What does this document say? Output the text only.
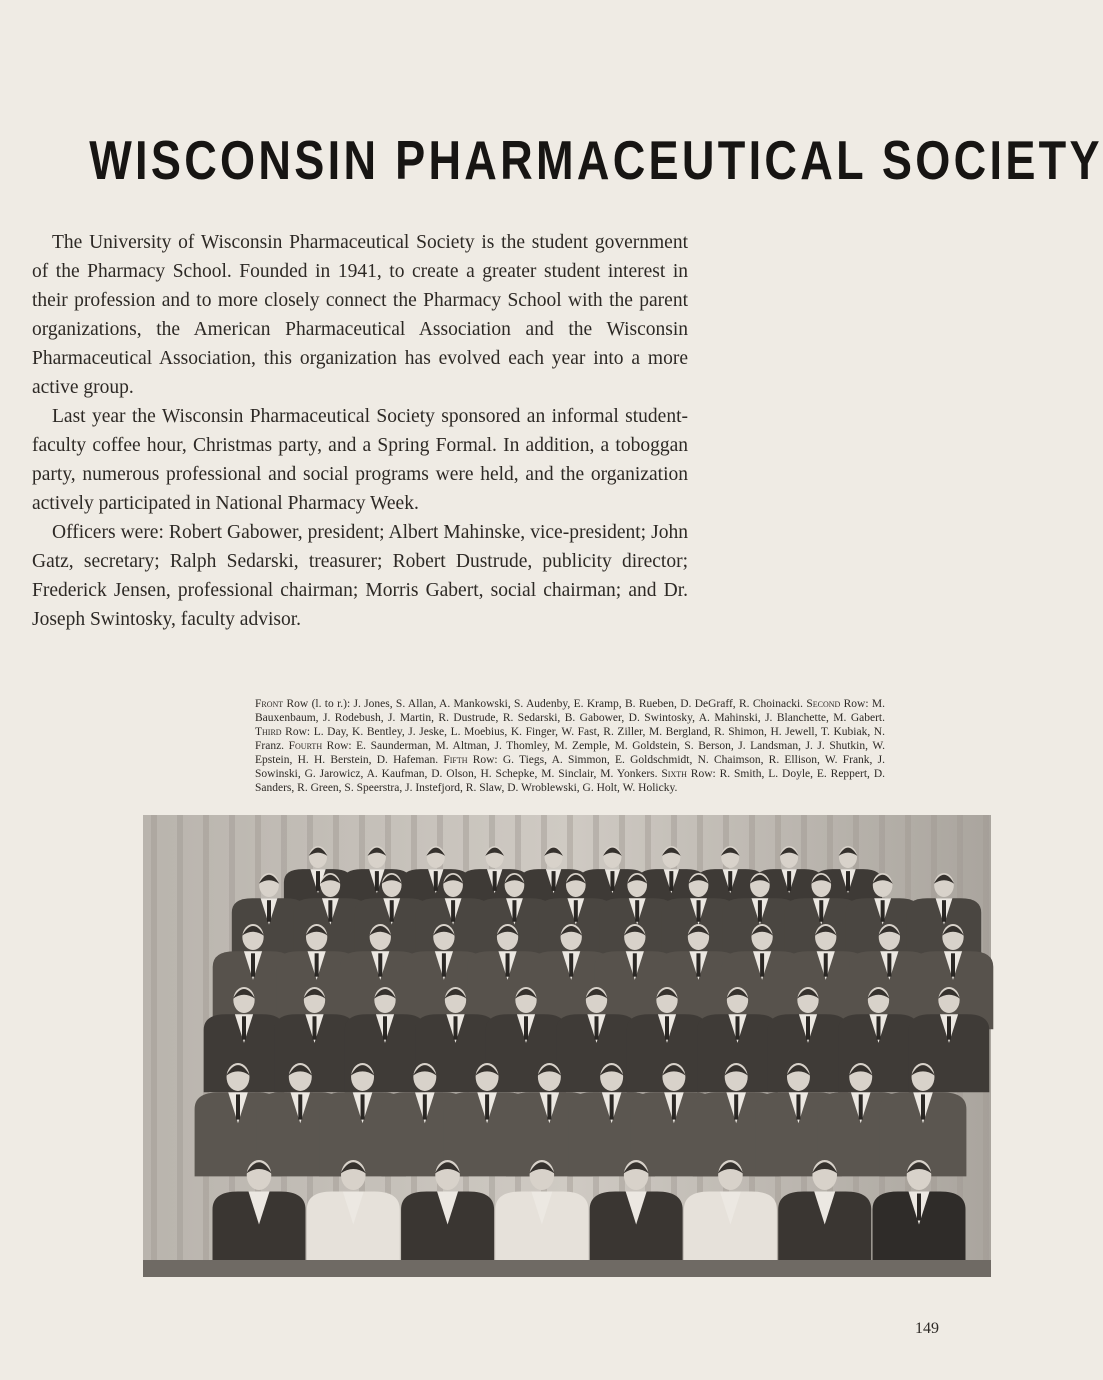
WISCONSIN PHARMACEUTICAL SOCIETY

The University of Wisconsin Pharmaceutical Society is the student government of the Pharmacy School. Founded in 1941, to create a greater student interest in their profession and to more closely connect the Pharmacy School with the parent organizations, the American Pharmaceutical Association and the Wisconsin Pharmaceutical Association, this organization has evolved each year into a more active group.

Last year the Wisconsin Pharmaceutical Society sponsored an informal student-faculty coffee hour, Christmas party, and a Spring Formal. In addition, a toboggan party, numerous professional and social programs were held, and the organization actively participated in National Pharmacy Week.

Officers were: Robert Gabower, president; Albert Mahinske, vice-president; John Gatz, secretary; Ralph Sedarski, treasurer; Robert Dustrude, publicity director; Frederick Jensen, professional chairman; Morris Gabert, social chairman; and Dr. Joseph Swintosky, faculty advisor.

Front Row (l. to r.): J. Jones, S. Allan, A. Mankowski, S. Audenby, E. Kramp, B. Rueben, D. DeGraff, R. Choinacki. Second Row: M. Bauxenbaum, J. Rodebush, J. Martin, R. Dustrude, R. Sedarski, B. Gabower, D. Swintosky, A. Mahinski, J. Blanchette, M. Gabert. Third Row: L. Day, K. Bentley, J. Jeske, L. Moebius, K. Finger, W. Fast, R. Ziller, M. Bergland, R. Shimon, H. Jewell, T. Kubiak, N. Franz. Fourth Row: E. Saunderman, M. Altman, J. Thomley, M. Zemple, M. Goldstein, S. Berson, J. Landsman, J. J. Shutkin, W. Epstein, H. H. Berstein, D. Hafeman. Fifth Row: G. Tiegs, A. Simmon, E. Goldschmidt, N. Chaimson, R. Ellison, W. Frank, J. Sowinski, G. Jarowicz, A. Kaufman, D. Olson, H. Schepke, M. Sinclair, M. Yonkers. Sixth Row: R. Smith, L. Doyle, E. Reppert, D. Sanders, R. Green, S. Speerstra, J. Instefjord, R. Slaw, D. Wroblewski, G. Holt, W. Holicky.
149
